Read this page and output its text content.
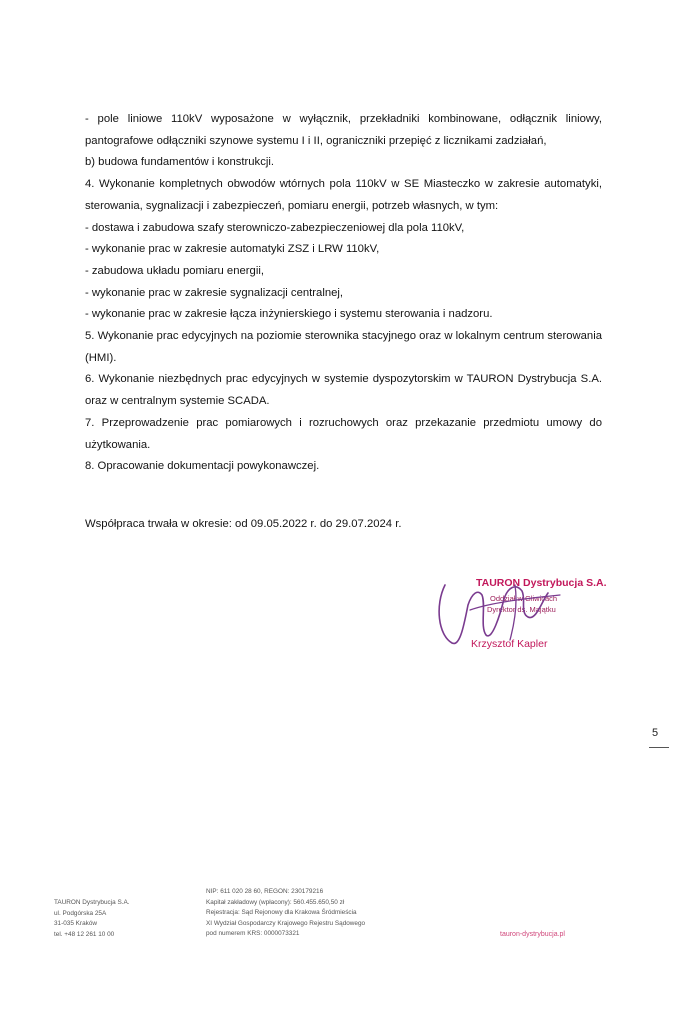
- pole liniowe 110kV wyposażone w wyłącznik, przekładniki kombinowane, odłącznik liniowy, pantografowe odłączniki szynowe systemu I i II, ograniczniki przepięć z licznikami zadziałań,

b) budowa fundamentów i konstrukcji.

4. Wykonanie kompletnych obwodów wtórnych pola 110kV w SE Miasteczko w zakresie automatyki, sterowania, sygnalizacji i zabezpieczeń, pomiaru energii, potrzeb własnych, w tym:

- dostawa i zabudowa szafy sterowniczo-zabezpieczeniowej dla pola 110kV,

- wykonanie prac w zakresie automatyki ZSZ i LRW 110kV,

- zabudowa układu pomiaru energii,

- wykonanie prac w zakresie sygnalizacji centralnej,

- wykonanie prac w zakresie łącza inżynierskiego i systemu sterowania i nadzoru.

5. Wykonanie prac edycyjnych na poziomie sterownika stacyjnego oraz w lokalnym centrum sterowania (HMI).

6. Wykonanie niezbędnych prac edycyjnych w systemie dyspozytorskim w TAURON Dystrybucja S.A. oraz w centralnym systemie SCADA.

7. Przeprowadzenie prac pomiarowych i rozruchowych oraz przekazanie przedmiotu umowy do użytkowania.

8. Opracowanie dokumentacji powykonawczej.

Współpraca trwała w okresie: od 09.05.2022 r. do 29.07.2024 r.
TAURON Dystrybucja S.A.
Oddział w Gliwicach
Dyrektor ds. Majątku
Krzysztof Kapler
5
TAURON Dystrybucja S.A.
ul. Podgórska 25A
31-035 Kraków
tel. +48 12 261 10 00
NIP: 611 020 28 60, REGON: 230179216
Kapitał zakładowy (wpłacony): 560.455.650,50 zł
Rejestracja: Sąd Rejonowy dla Krakowa Śródmieścia
XI Wydział Gospodarczy Krajowego Rejestru Sądowego
pod numerem KRS: 0000073321	tauron-dystrybucja.pl
